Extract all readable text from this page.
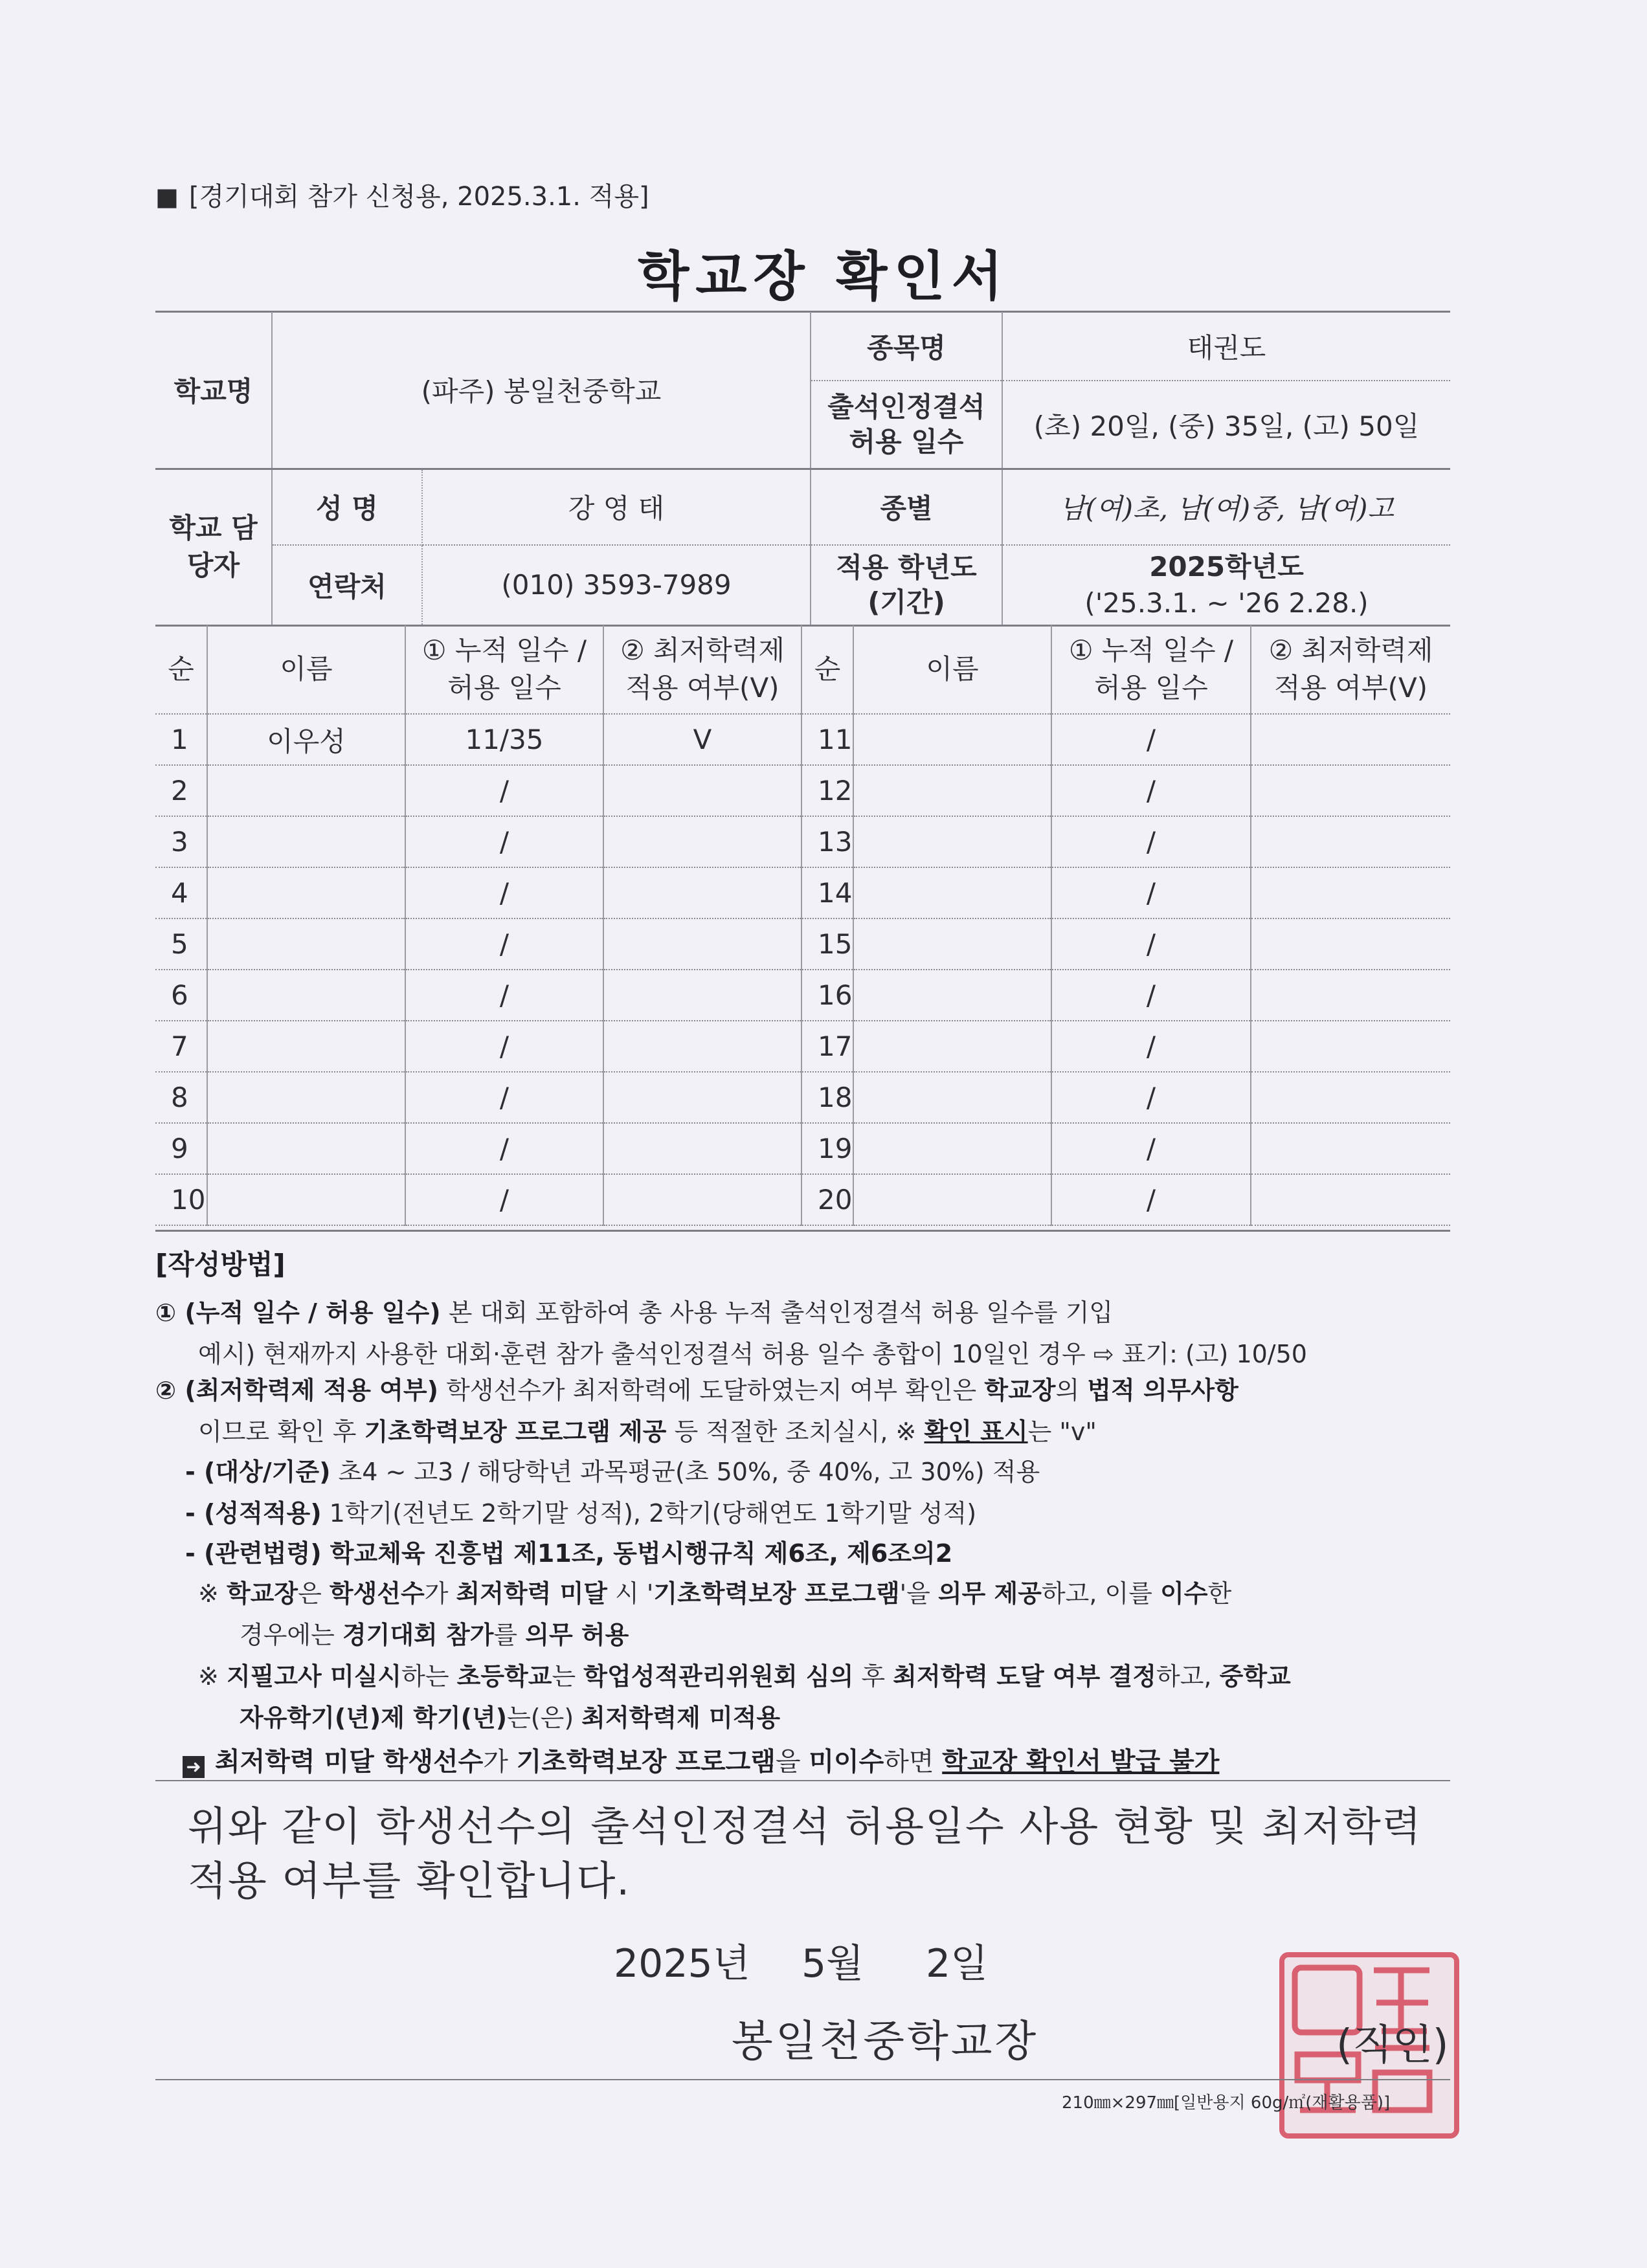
■ [경기대회 참가 신청용, 2025.3.1. 적용]
학교장 확인서
학교명	(파주) 봉일천중학교		종목명	태권도
			출석인정결석 허용 일수	(초) 20일, (중) 35일, (고) 50일
학교 담당자	성 명	강 영 태	종별	남(여)초, 남(여)중, 남(여)고
	연락처	(010) 3593-7989	적용 학년도 (기간)	2025학년도
('25.3.1. ~ '26 2.28.)
순	이름	① 누적 일수 / 허용 일수	② 최저학력제 적용 여부(V)	순	이름	① 누적 일수 / 허용 일수	② 최저학력제 적용 여부(V)
1	이우성	11/35	V	11		/	
2		/		12		/	
3		/		13		/	
4		/		14		/	
5		/		15		/	
6		/		16		/	
7		/		17		/	
8		/		18		/	
9		/		19		/	
10		/		20		/	
[작성방법]
① (누적 일수 / 허용 일수) 본 대회 포함하여 총 사용 누적 출석인정결석 허용 일수를 기입
예시) 현재까지 사용한 대회·훈련 참가 출석인정결석 허용 일수 총합이 10일인 경우 ⇨ 표기: (고) 10/50
② (최저학력제 적용 여부) 학생선수가 최저학력에 도달하였는지 여부 확인은 학교장의 법적 의무사항
이므로 확인 후 기초학력보장 프로그램 제공 등 적절한 조치실시, ※ 확인 표시는 "v"
- (대상/기준) 초4 ~ 고3 / 해당학년 과목평균(초 50%, 중 40%, 고 30%) 적용
- (성적적용) 1학기(전년도 2학기말 성적), 2학기(당해연도 1학기말 성적)
- (관련법령) 학교체육 진흥법 제11조, 동법시행규칙 제6조, 제6조의2
※ 학교장은 학생선수가 최저학력 미달 시 '기초학력보장 프로그램'을 의무 제공하고, 이를 이수한
경우에는 경기대회 참가를 의무 허용
※ 지필고사 미실시하는 초등학교는 학업성적관리위원회 심의 후 최저학력 도달 여부 결정하고, 중학교
자유학기(년)제 학기(년)는(은) 최저학력제 미적용
➜ 최저학력 미달 학생선수가 기초학력보장 프로그램을 미이수하면 학교장 확인서 발급 불가
위와 같이 학생선수의 출석인정결석 허용일수 사용 현황 및 최저학력 적용 여부를 확인합니다.
2025년 5월 2일
봉일천중학교장	(직인)
210㎜×297㎜[일반용지 60g/㎡(재활용품)]
